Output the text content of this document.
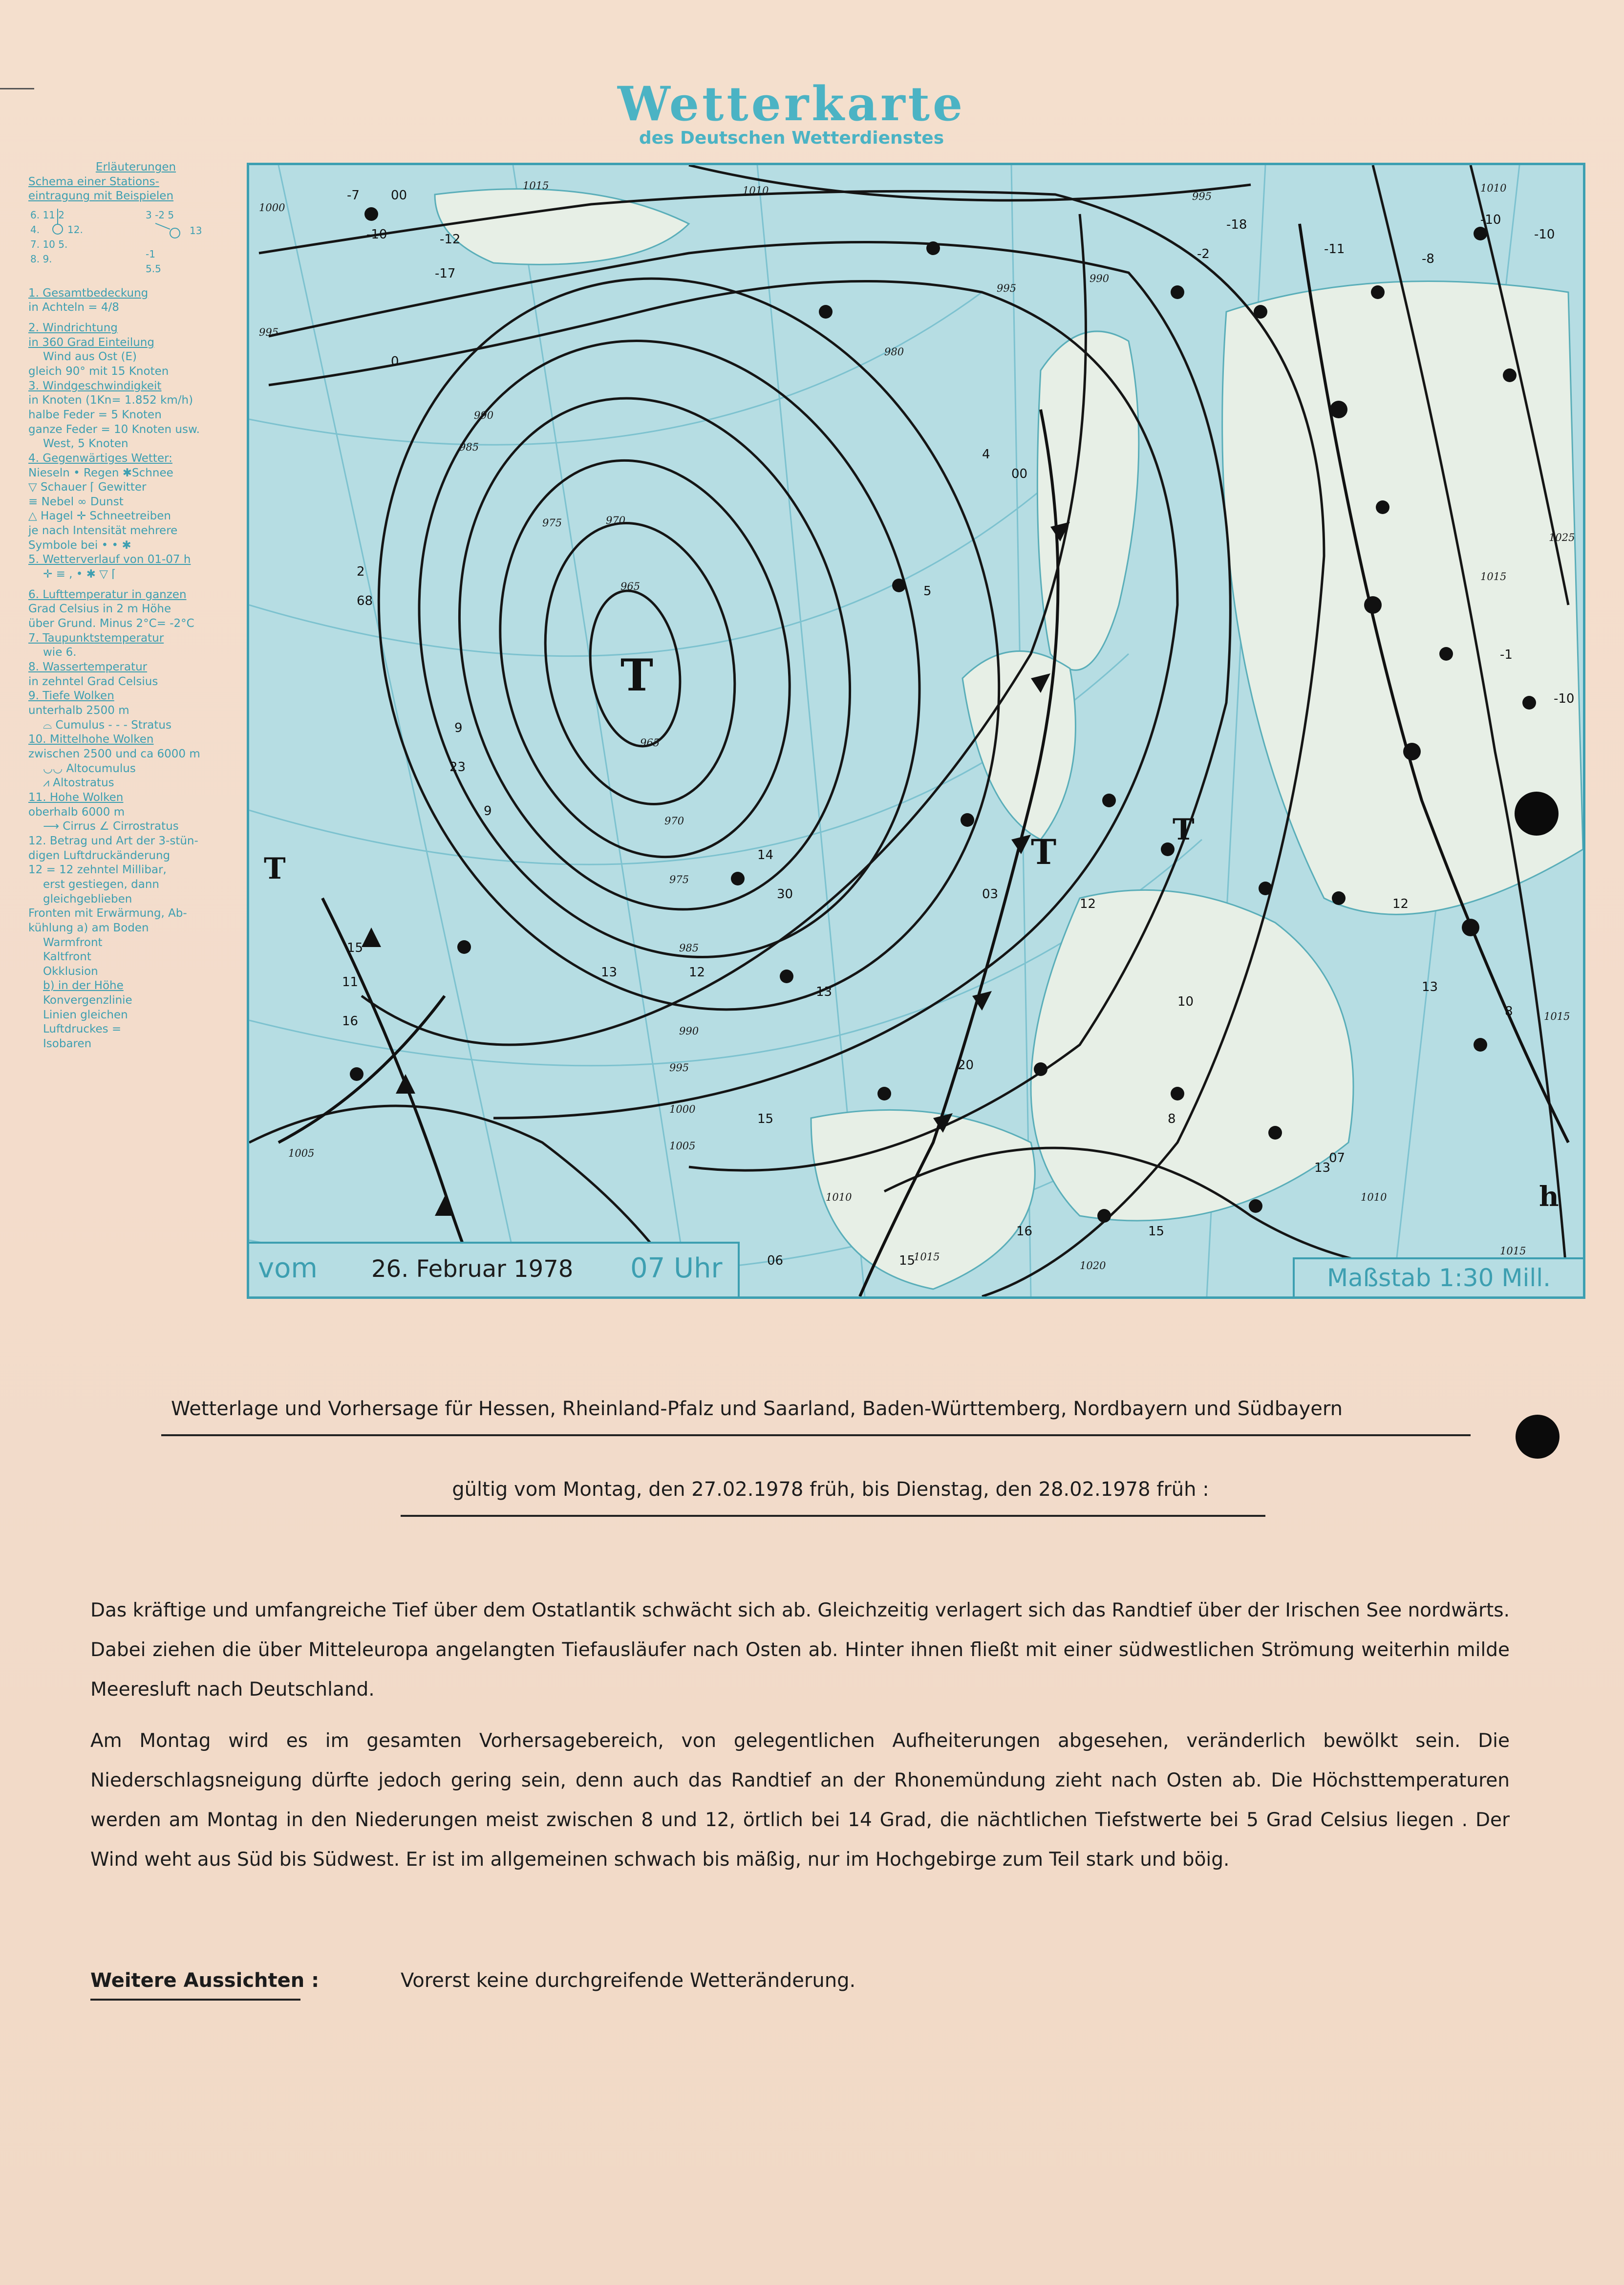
Wetterkarte
des Deutschen Wetterdienstes
Erläuterungen
Schema einer Stations-
eintragung mit Beispielen
6. 11 2
4.	12.
7. 10 5.
8. 9.
3 -2 5
13
-1
5.5
1. Gesamtbedeckung
in Achteln = 4/8
2. Windrichtung
in 360 Grad Einteilung
Wind aus Ost (E)
gleich 90° mit 15 Knoten
3. Windgeschwindigkeit
in Knoten (1Kn= 1.852 km/h)
halbe Feder = 5 Knoten
ganze Feder = 10 Knoten usw.
West, 5 Knoten
4. Gegenwärtiges Wetter:
Nieseln • Regen ✱Schnee
▽ Schauer ⌈ Gewitter
≡ Nebel ∞ Dunst
△ Hagel ✛ Schneetreiben
je nach Intensität mehrere
Symbole bei • • ✱
5. Wetterverlauf von 01-07 h
✛ ≡ , • ✱ ▽ ⌈
6. Lufttemperatur in ganzen
Grad Celsius in 2 m Höhe
über Grund. Minus 2°C= -2°C
7. Taupunktstemperatur
wie 6.
8. Wassertemperatur
in zehntel Grad Celsius
9. Tiefe Wolken
unterhalb 2500 m
⌓ Cumulus - - - Stratus
10. Mittelhohe Wolken
zwischen 2500 und ca 6000 m
◡◡ Altocumulus
⩘ Altostratus
11. Hohe Wolken
oberhalb 6000 m
⟶ Cirrus ∠ Cirrostratus
12. Betrag und Art der 3-stün-
digen Luftdruckänderung
12 = 12 zehntel Millibar,
erst gestiegen, dann
gleichgeblieben
Fronten mit Erwärmung, Ab-
kühlung a) am Boden
Warmfront
Kaltfront
Okklusion
b) in der Höhe
Konvergenzlinie
Linien gleichen
Luftdruckes =
Isobaren
-7 00
-10	-12
-17
0
-8
-10
-10
-11
-18
-2
4
00
5
03
12	12
14
30
13
20
10
13
8
15	8
13
07
16
15
06
15
15
11
16
13	12
9
9
23
2
68
-1
-10
T
T
T
T
h
1015	1010
1000
995
990
985
980
975	970
965
965
970
975
985
990
995
1000
1005
1005
1010	1010
1015
1015
1010
1015
1025
995
990
995
1015
1020
vom 26. Februar 1978 07 Uhr	Maßstab 1:30 Mill.
Wetterlage und Vorhersage für Hessen, Rheinland-Pfalz und Saarland, Baden-Württemberg, Nordbayern und Südbayern
gültig vom Montag, den 27.02.1978 früh, bis Dienstag, den 28.02.1978 früh :
Das kräftige und umfangreiche Tief über dem Ostatlantik schwächt sich ab. Gleichzeitig verlagert sich das Randtief über der Irischen See nordwärts. Dabei ziehen die über Mitteleuropa angelangten Tiefausläufer nach Osten ab. Hinter ihnen fließt mit einer südwestlichen Strömung weiterhin milde Meeresluft nach Deutschland.
Am Montag wird es im gesamten Vorhersagebereich, von gelegentlichen Aufheiterungen abgesehen, veränderlich bewölkt sein. Die Niederschlagsneigung dürfte jedoch gering sein, denn auch das Randtief an der Rhonemündung zieht nach Osten ab. Die Höchsttemperaturen werden am Montag in den Niederungen meist zwischen 8 und 12, örtlich bei 14 Grad, die nächtlichen Tiefstwerte bei 5 Grad Celsius liegen . Der Wind weht aus Süd bis Südwest. Er ist im allgemeinen schwach bis mäßig, nur im Hochgebirge zum Teil stark und böig.
Weitere Aussichten :	Vorerst keine durchgreifende Wetteränderung.
